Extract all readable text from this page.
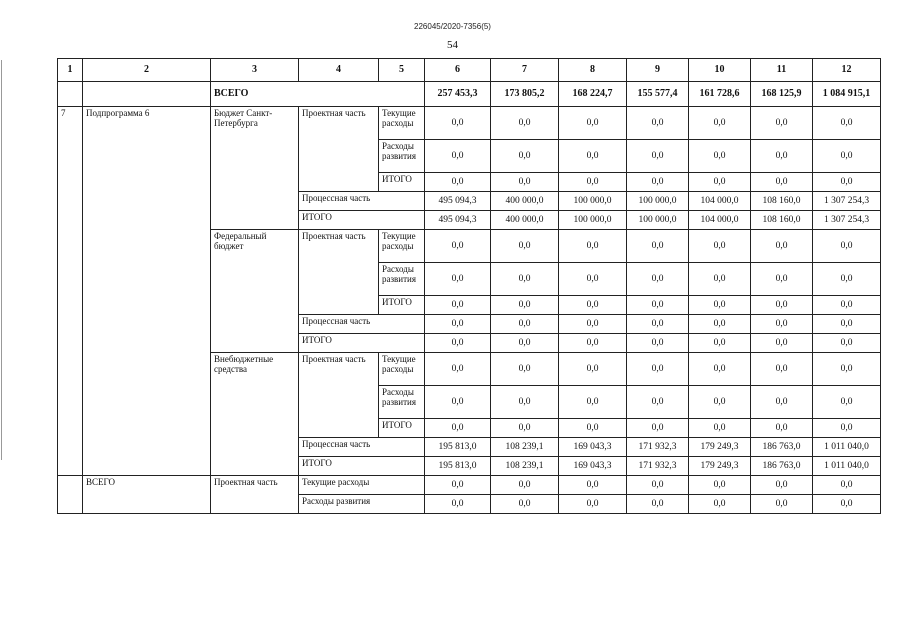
226045/2020-7356(5)
54
1	2	3	4	5	6	7	8	9	10	11	12
		ВСЕГО			257 453,3	173 805,2	168 224,7	155 577,4	161 728,6	168 125,9	1 084 915,1
7	Подпрограмма 6	Бюджет Санкт-Петербурга	Проектная часть	Текущие расходы	0,0	0,0	0,0	0,0	0,0	0,0	0,0
				Расходы развития	0,0	0,0	0,0	0,0	0,0	0,0	0,0
				ИТОГО	0,0	0,0	0,0	0,0	0,0	0,0	0,0
			Процессная часть		495 094,3	400 000,0	100 000,0	100 000,0	104 000,0	108 160,0	1 307 254,3
			ИТОГО		495 094,3	400 000,0	100 000,0	100 000,0	104 000,0	108 160,0	1 307 254,3
		Федеральный бюджет	Проектная часть	Текущие расходы	0,0	0,0	0,0	0,0	0,0	0,0	0,0
				Расходы развития	0,0	0,0	0,0	0,0	0,0	0,0	0,0
				ИТОГО	0,0	0,0	0,0	0,0	0,0	0,0	0,0
			Процессная часть		0,0	0,0	0,0	0,0	0,0	0,0	0,0
			ИТОГО		0,0	0,0	0,0	0,0	0,0	0,0	0,0
		Внебюджетные средства	Проектная часть	Текущие расходы	0,0	0,0	0,0	0,0	0,0	0,0	0,0
				Расходы развития	0,0	0,0	0,0	0,0	0,0	0,0	0,0
				ИТОГО	0,0	0,0	0,0	0,0	0,0	0,0	0,0
			Процессная часть		195 813,0	108 239,1	169 043,3	171 932,3	179 249,3	186 763,0	1 011 040,0
			ИТОГО		195 813,0	108 239,1	169 043,3	171 932,3	179 249,3	186 763,0	1 011 040,0
	ВСЕГО	Проектная часть	Текущие расходы		0,0	0,0	0,0	0,0	0,0	0,0	0,0
			Расходы развития		0,0	0,0	0,0	0,0	0,0	0,0	0,0
